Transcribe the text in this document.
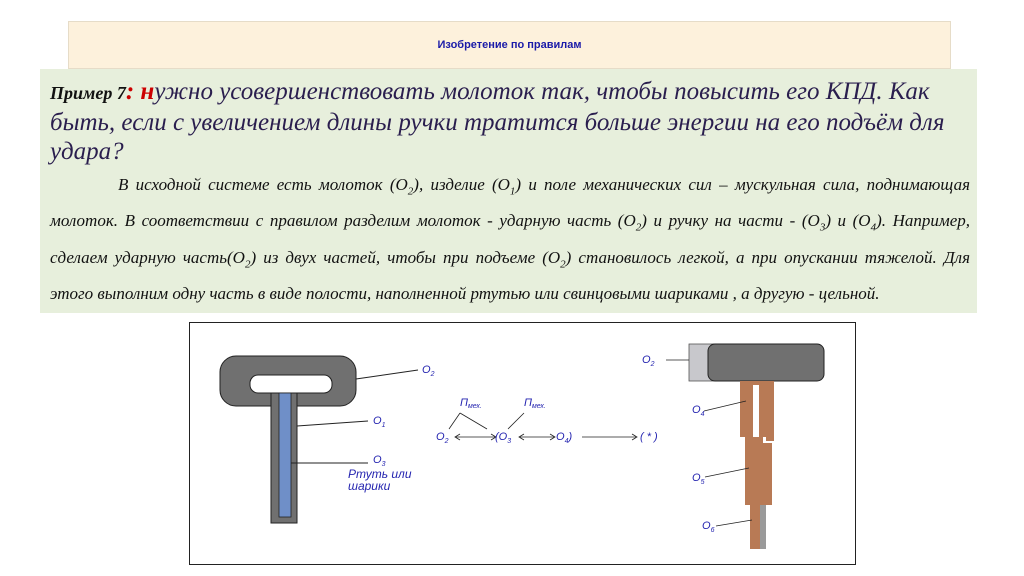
Изобретение по правилам
Пример 7: нужно усовершенствовать молоток так, чтобы повысить его КПД. Как быть, если с увеличением длины ручки тратится больше энергии на его подъём для удара?
    В исходной системе есть молоток $(О_2)$, изделие $(О_1)$ и поле механических сил – мускульная сила, поднимающая молоток. В соответствии с правилом разделим молоток - ударную часть $(О_2)$ и ручку на части - $(О_3)$ и $(О_4)$. Например, сделаем ударную $часть(О_2)$ из двух частей, чтобы при подъеме $(О_2)$ становилось легкой, а при опускании тяжелой. Для этого выполним одну часть в виде полости, наполненной ртутью или свинцовыми шариками , а другую - цельной.
$O_2$
$O_1$
$O_3$
Ртуть или
шарики
Пмех.	Пмех.
$O_2$	($O_3$	$O_4$)	( * )
$O_2$
$O_4$
$O_5$
$O_6$
